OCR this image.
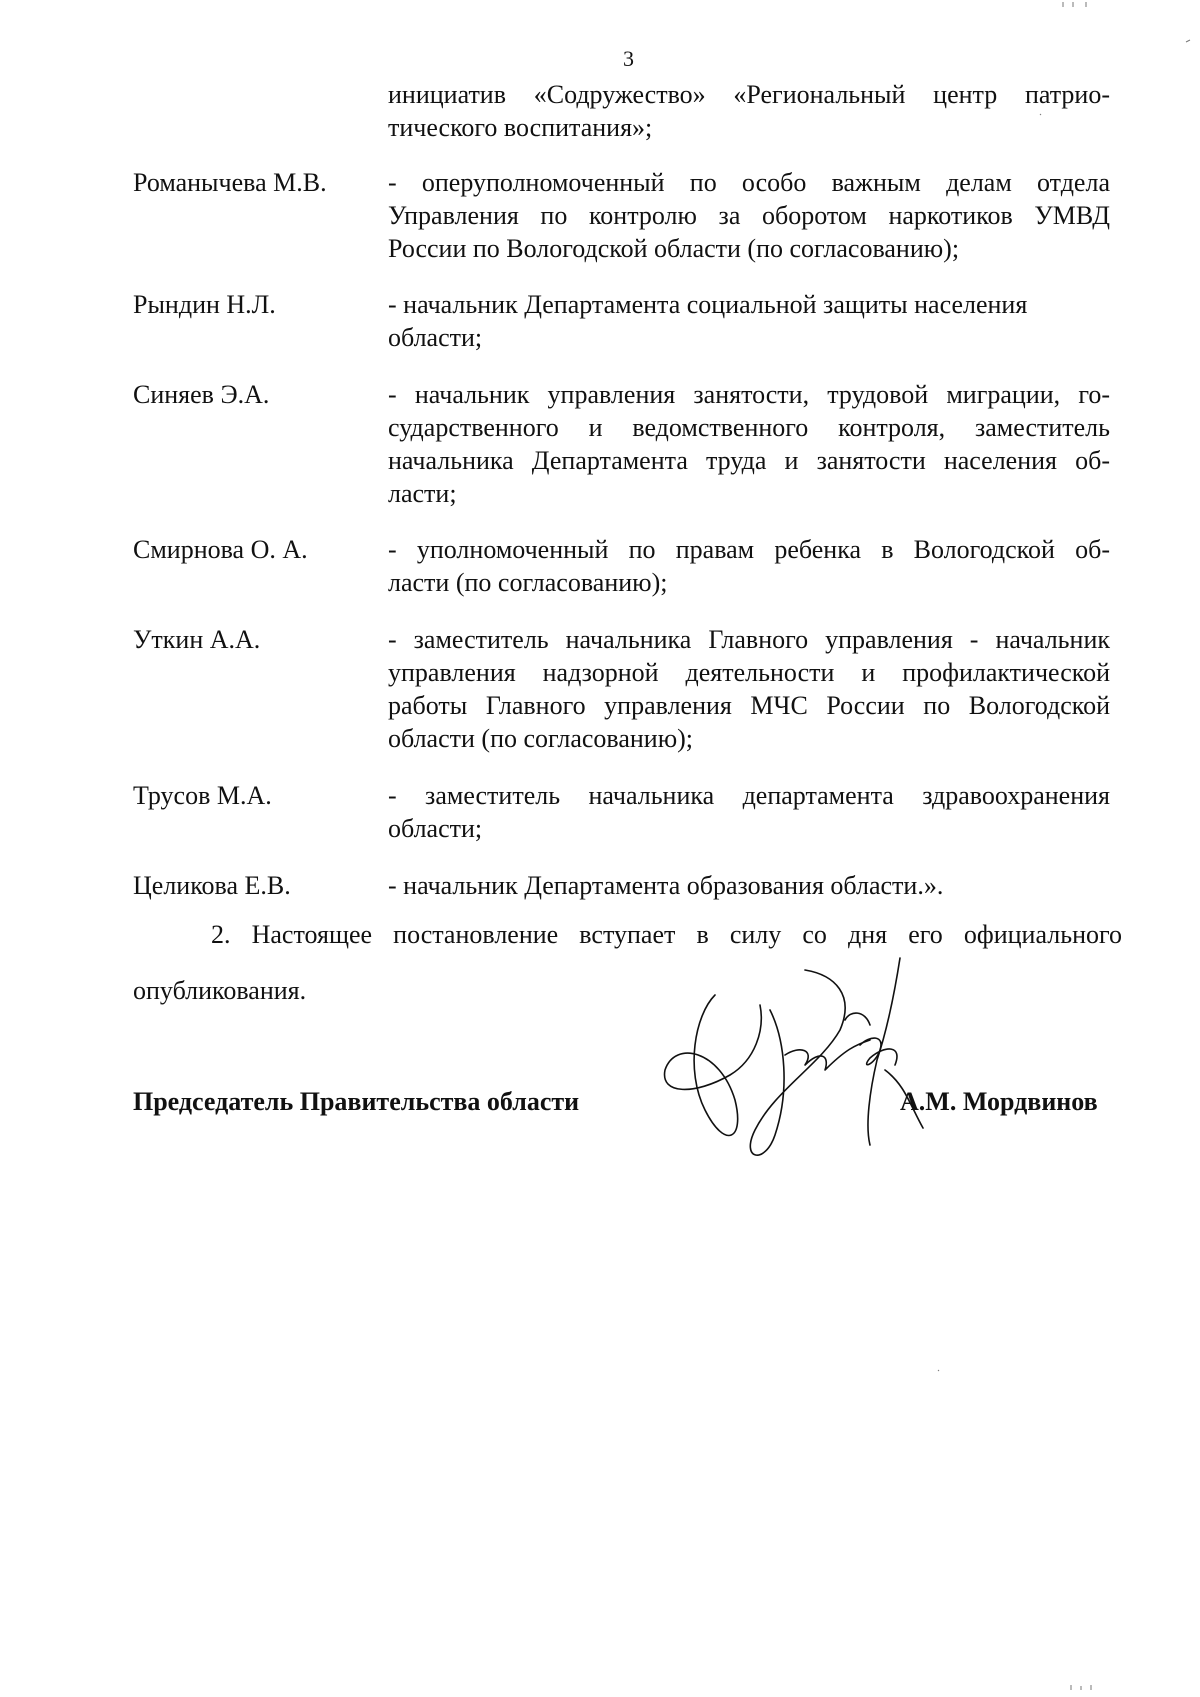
3
инициатив «Содружество» «Региональный центр патрио-
тического воспитания»;
Романычева М.В. - оперуполномоченный по особо важным делам отдела
Управления по контролю за оборотом наркотиков УМВД
России по Вологодской области (по согласованию);
Рындин Н.Л.	- начальник Департамента социальной защиты населения
области;
Синяев Э.А.	- начальник управления занятости, трудовой миграции, го-
сударственного и ведомственного контроля, заместитель
начальника Департамента труда и занятости населения об-
ласти;
Смирнова О. А.	- уполномоченный по правам ребенка в Вологодской об-
ласти (по согласованию);
Уткин А.А.	- заместитель начальника Главного управления - начальник
управления надзорной деятельности и профилактической
работы Главного управления МЧС России по Вологодской
области (по согласованию);
Трусов М.А.	- заместитель начальника департамента здравоохранения
области;
Целикова Е.В.	- начальник Департамента образования области.».
2. Настоящее постановление вступает в силу со дня его официального
опубликования.
Председатель Правительства области	А.М. Мордвинов
